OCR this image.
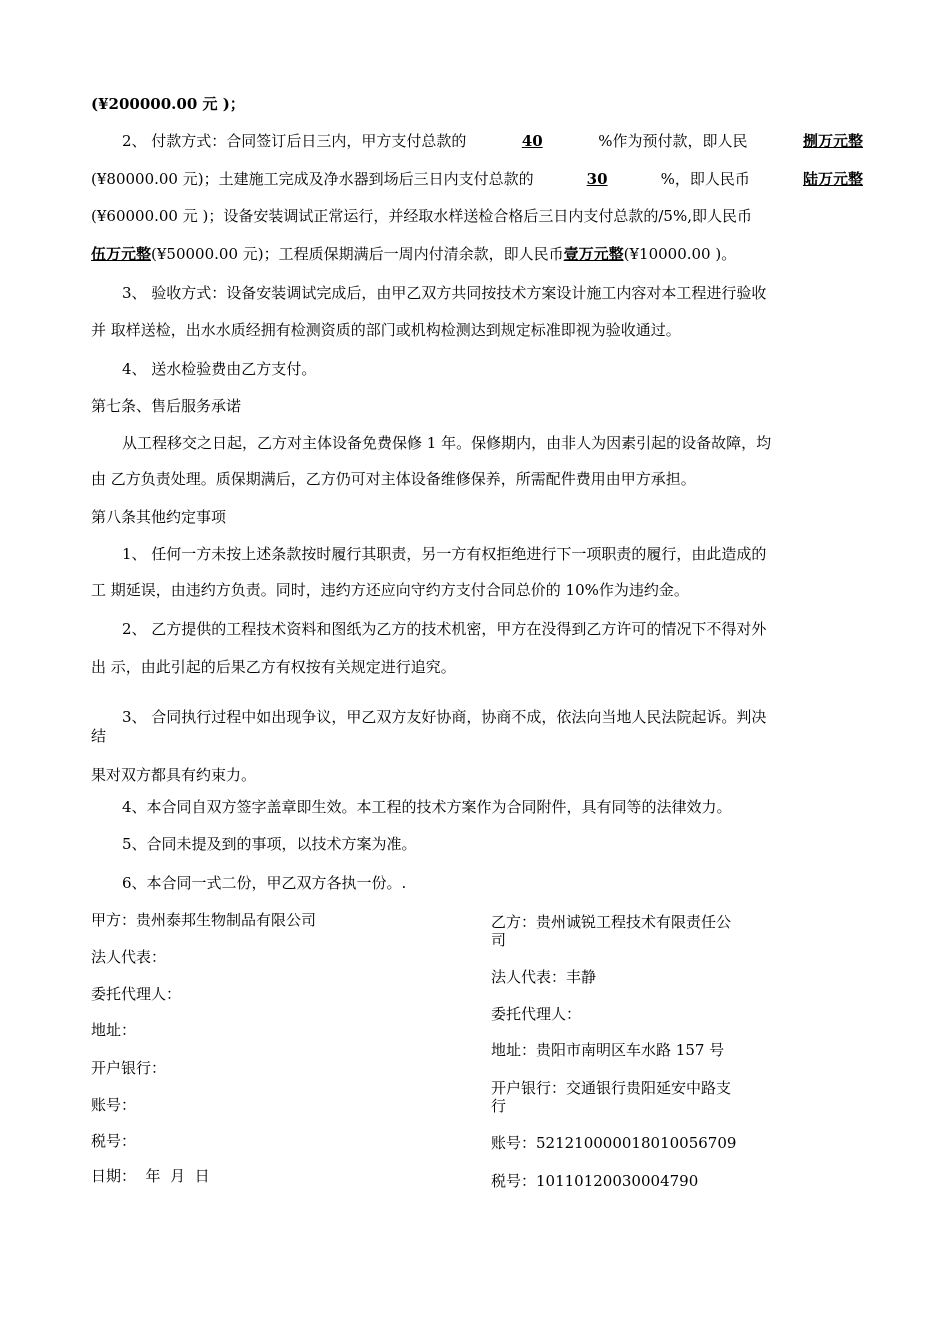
(¥200000.00 元 )；
2、 付款方式：合同签订后日三内，甲方支付总款的	40	%作为预付款，即人民	捌万元整
(¥80000.00 元)；土建施工完成及净水器到场后三日内支付总款的	30	%，即人民币	陆万元整
(¥60000.00 元 )；设备安装调试正常运行，并经取水样送检合格后三日内支付总款的/5%,即人民币
伍万元整(¥50000.00 元)；工程质保期满后一周内付清余款，即人民币壹万元整(¥10000.00 )。
3、 验收方式：设备安装调试完成后，由甲乙双方共同按技术方案设计施工内容对本工程进行验收
并 取样送检，出水水质经拥有检测资质的部门或机构检测达到规定标准即视为验收通过。
4、 送水检验费由乙方支付。
第七条、售后服务承诺
从工程移交之日起，乙方对主体设备免费保修 1 年。保修期内，由非人为因素引起的设备故障，均
由 乙方负责处理。质保期满后，乙方仍可对主体设备维修保养，所需配件费用由甲方承担。
第八条其他约定事项
1、 任何一方未按上述条款按时履行其职责，另一方有权拒绝进行下一项职责的履行，由此造成的
工 期延误，由违约方负责。同时，违约方还应向守约方支付合同总价的 10%作为违约金。
2、 乙方提供的工程技术资料和图纸为乙方的技术机密，甲方在没得到乙方许可的情况下不得对外
出 示，由此引起的后果乙方有权按有关规定进行追究。
3、 合同执行过程中如出现争议，甲乙双方友好协商，协商不成，依法向当地人民法院起诉。判决
结
果对双方都具有约束力。
4、本合同自双方签字盖章即生效。本工程的技术方案作为合同附件，具有同等的法律效力。
5、合同未提及到的事项，以技术方案为准。
6、本合同一式二份，甲乙双方各执一份。.
甲方：贵州泰邦生物制品有限公司
法人代表：
委托代理人：
地址：
开户银行：
账号：
税号：
日期：  年  月  日
乙方：贵州诚锐工程技术有限责任公
司
法人代表：丰静
委托代理人：
地址：贵阳市南明区车水路 157 号
开户银行：交通银行贵阳延安中路支
行
账号：521210000018010056709
税号：10110120030004790
